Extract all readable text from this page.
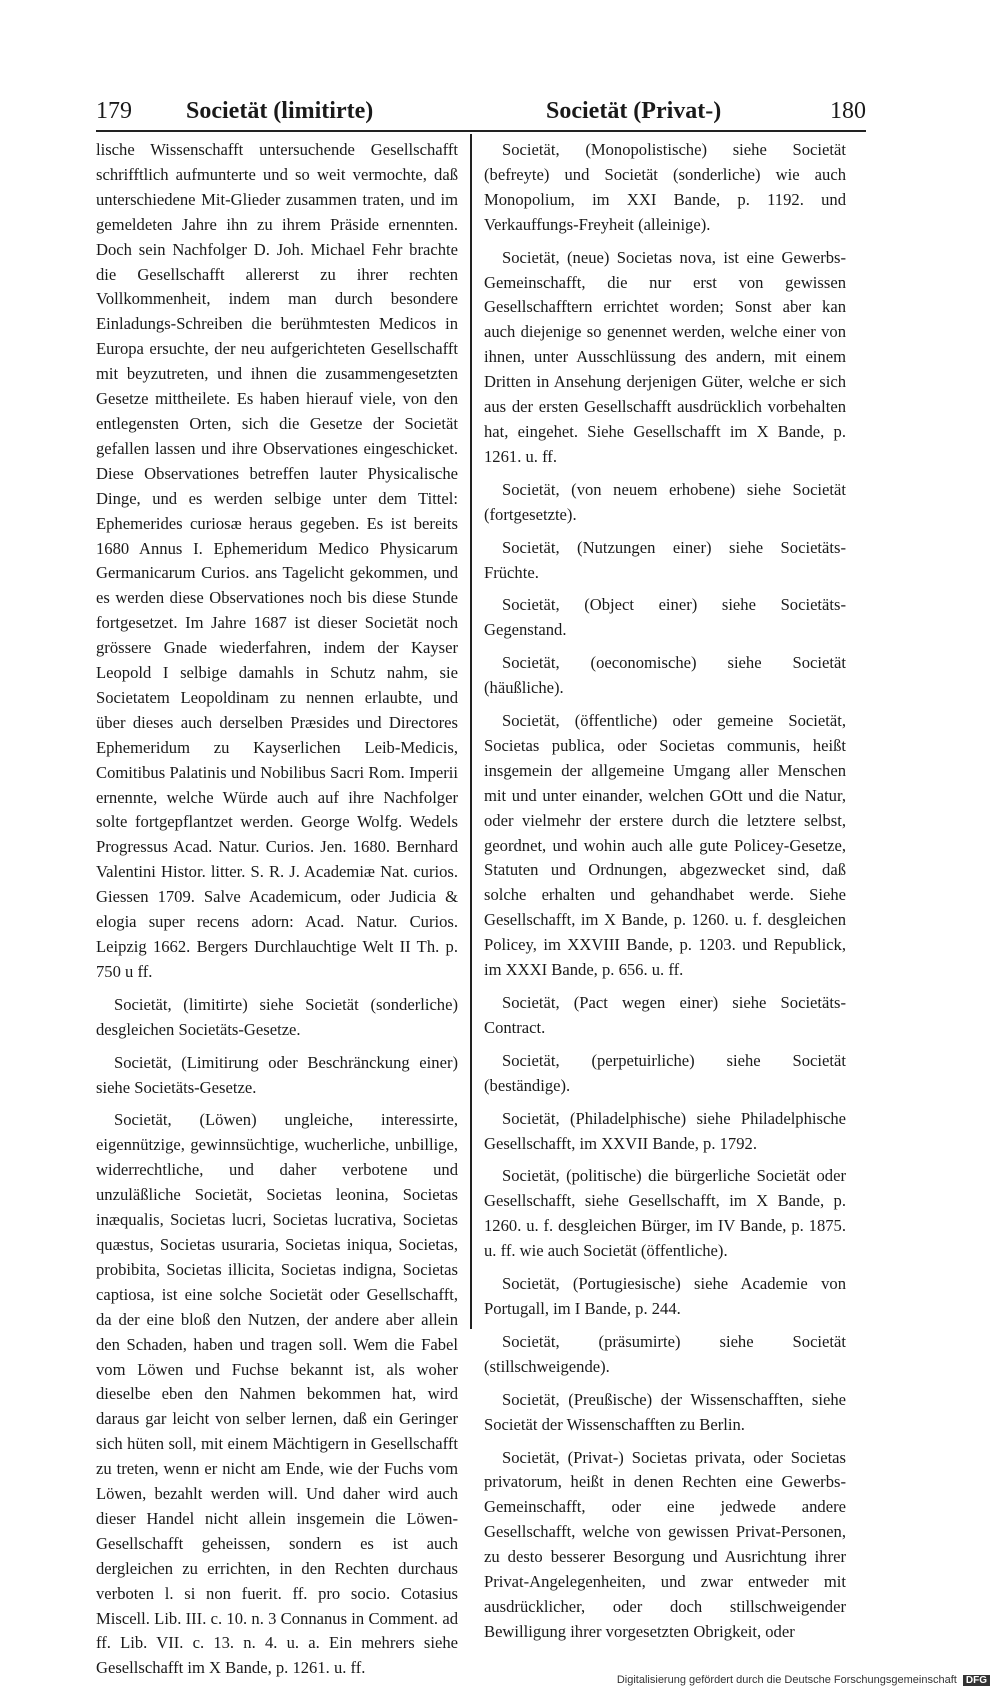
179 Societät (limitirte)	Societät (Privat-)	180

lische Wissenschafft untersuchende Gesellschafft schrifftlich aufmunterte und so weit vermochte, daß unterschiedene Mit-Glieder zusammen traten, und im gemeldeten Jahre ihn zu ihrem Präside ernennten. Doch sein Nachfolger D. Joh. Michael Fehr brachte die Gesellschafft allererst zu ihrer rechten Vollkommenheit, indem man durch besondere Einladungs-Schreiben die berühmtesten Medicos in Europa ersuchte, der neu aufgerichteten Gesellschafft mit beyzutreten, und ihnen die zusammengesetzten Gesetze mittheilete. Es haben hierauf viele, von den entlegensten Orten, sich die Gesetze der Societät gefallen lassen und ihre Observationes eingeschicket. Diese Observationes betreffen lauter Physicalische Dinge, und es werden selbige unter dem Tittel: Ephemerides curiosæ heraus gegeben. Es ist bereits 1680 Annus I. Ephemeridum Medico Physicarum Germanicarum Curios. ans Tagelicht gekommen, und es werden diese Observationes noch bis diese Stunde fortgesetzet. Im Jahre 1687 ist dieser Societät noch grössere Gnade wiederfahren, indem der Kayser Leopold I selbige damahls in Schutz nahm, sie Societatem Leopoldinam zu nennen erlaubte, und über dieses auch derselben Præsides und Directores Ephemeridum zu Kayserlichen Leib-Medicis, Comitibus Palatinis und Nobilibus Sacri Rom. Imperii ernennte, welche Würde auch auf ihre Nachfolger solte fortgepflantzet werden. George Wolfg. Wedels Progressus Acad. Natur. Curios. Jen. 1680. Bernhard Valentini Histor. litter. S. R. J. Academiæ Nat. curios. Giessen 1709. Salve Academicum, oder Judicia & elogia super recens adorn: Acad. Natur. Curios. Leipzig 1662. Bergers Durchlauchtige Welt II Th. p. 750 u ff.

Societät, (limitirte) siehe Societät (sonderliche) desgleichen Societäts-Gesetze.

Societät, (Limitirung oder Beschränckung einer) siehe Societäts-Gesetze.

Societät, (Löwen) ungleiche, interessirte, eigennützige, gewinnsüchtige, wucherliche, unbillige, widerrechtliche, und daher verbotene und unzuläßliche Societät, Societas leonina, Societas inæqualis, Societas lucri, Societas lucrativa, Societas quæstus, Societas usuraria, Societas iniqua, Societas, probibita, Societas illicita, Societas indigna, Societas captiosa, ist eine solche Societät oder Gesellschafft, da der eine bloß den Nutzen, der andere aber allein den Schaden, haben und tragen soll. Wem die Fabel vom Löwen und Fuchse bekannt ist, als woher dieselbe eben den Nahmen bekommen hat, wird daraus gar leicht von selber lernen, daß ein Geringer sich hüten soll, mit einem Mächtigern in Gesellschafft zu treten, wenn er nicht am Ende, wie der Fuchs vom Löwen, bezahlt werden will. Und daher wird auch dieser Handel nicht allein insgemein die Löwen-Gesellschafft geheissen, sondern es ist auch dergleichen zu errichten, in den Rechten durchaus verboten l. si non fuerit. ff. pro socio. Cotasius Miscell. Lib. III. c. 10. n. 3 Connanus in Comment. ad ff. Lib. VII. c. 13. n. 4. u. a. Ein mehrers siehe Gesellschafft im X Bande, p. 1261. u. ff.

Societät, (Monopolistische) siehe Societät (befreyte) und Societät (sonderliche) wie auch Monopolium, im XXI Bande, p. 1192. und Verkauffungs-Freyheit (alleinige).

Societät, (neue) Societas nova, ist eine Gewerbs-Gemeinschafft, die nur erst von gewissen Gesellschafftern errichtet worden; Sonst aber kan auch diejenige so genennet werden, welche einer von ihnen, unter Ausschlüssung des andern, mit einem Dritten in Ansehung derjenigen Güter, welche er sich aus der ersten Gesellschafft ausdrücklich vorbehalten hat, eingehet. Siehe Gesellschafft im X Bande, p. 1261. u. ff.

Societät, (von neuem erhobene) siehe Societät (fortgesetzte).

Societät, (Nutzungen einer) siehe Societäts-Früchte.

Societät, (Object einer) siehe Societäts-Gegenstand.

Societät, (oeconomische) siehe Societät (häußliche).

Societät, (öffentliche) oder gemeine Societät, Societas publica, oder Societas communis, heißt insgemein der allgemeine Umgang aller Menschen mit und unter einander, welchen GOtt und die Natur, oder vielmehr der erstere durch die letztere selbst, geordnet, und wohin auch alle gute Policey-Gesetze, Statuten und Ordnungen, abgezwecket sind, daß solche erhalten und gehandhabet werde. Siehe Gesellschafft, im X Bande, p. 1260. u. f. desgleichen Policey, im XXVIII Bande, p. 1203. und Republick, im XXXI Bande, p. 656. u. ff.

Societät, (Pact wegen einer) siehe Societäts-Contract.

Societät, (perpetuirliche) siehe Societät (beständige).

Societät, (Philadelphische) siehe Philadelphische Gesellschafft, im XXVII Bande, p. 1792.

Societät, (politische) die bürgerliche Societät oder Gesellschafft, siehe Gesellschafft, im X Bande, p. 1260. u. f. desgleichen Bürger, im IV Bande, p. 1875. u. ff. wie auch Societät (öffentliche).

Societät, (Portugiesische) siehe Academie von Portugall, im I Bande, p. 244.

Societät, (präsumirte) siehe Societät (stillschweigende).

Societät, (Preußische) der Wissenschafften, siehe Societät der Wissenschafften zu Berlin.

Societät, (Privat-) Societas privata, oder Societas privatorum, heißt in denen Rechten eine Gewerbs-Gemeinschafft, oder eine jedwede andere Gesellschafft, welche von gewissen Privat-Personen, zu desto besserer Besorgung und Ausrichtung ihrer Privat-Angelegenheiten, und zwar entweder mit ausdrücklicher, oder doch stillschweigender Bewilligung ihrer vorgesetzten Obrigkeit, oder

Digitalisierung gefördert durch die Deutsche Forschungsgemeinschaft DFG
